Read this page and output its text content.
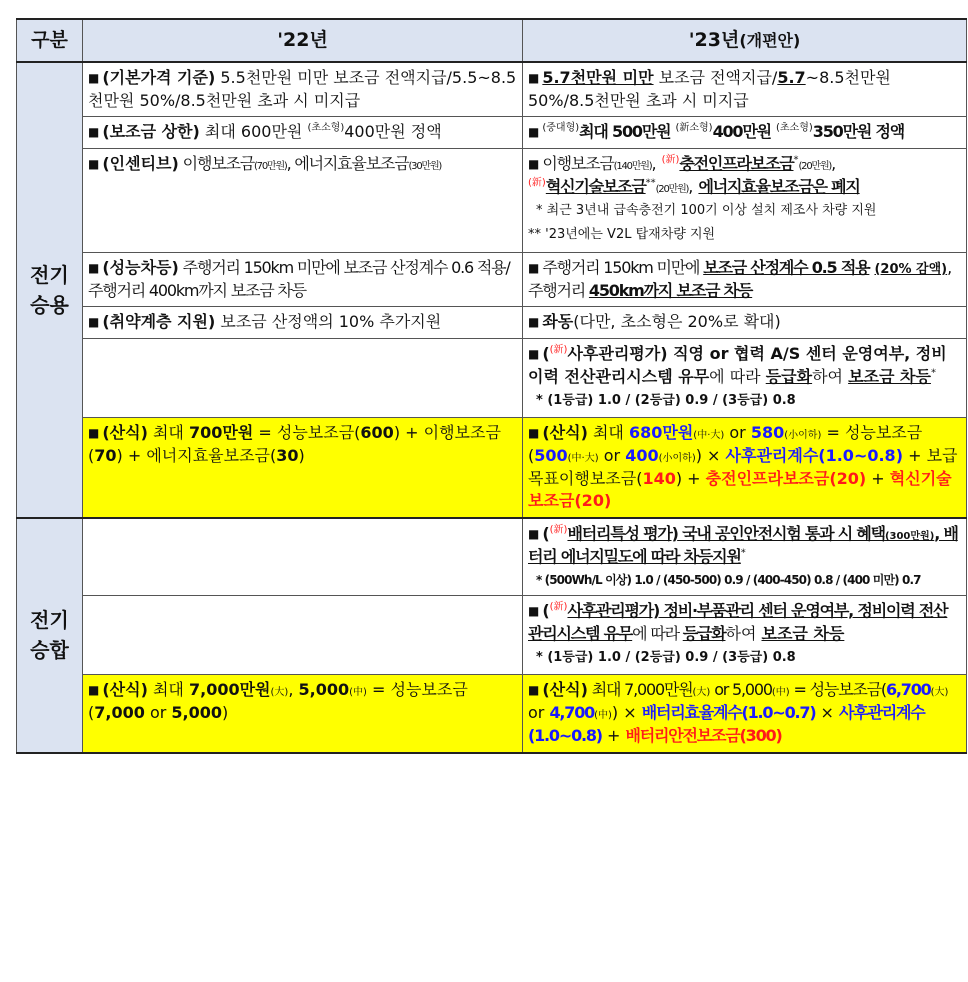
구분	'22년	'23년(개편안)
전기
승용	■ (기본가격 기준) 5.5천만원 미만 보조금 전액지급/5.5~8.5천만원 50%/8.5천만원 초과 시 미지급	■ 5.7천만원 미만 보조금 전액지급/5.7~8.5천만원 50%/8.5천만원 초과 시 미지급
	■ (보조금 상한) 최대 600만원 $^{(초소형)}$400만원 정액	■ $^{(중대형)}$최대 500만원 $^{(新소형)}$400만원 $^{(초소형)}$350만원 정액
	■ (인센티브) 이행보조금(70만원), 에너지효율보조금(30만원)	■ 이행보조금(140만원), $^{(新)}$충전인프라보조금*(20만원),
$^{(新)}$혁신기술보조금**(20만원), 에너지효율보조금은 폐지
* 최근 3년내 급속충전기 100기 이상 설치 제조사 차량 지원
** '23년에는 V2L 탑재차량 지원

	■ (성능차등) 주행거리 150km 미만에 보조금 산정계수 0.6 적용/주행거리 400km까지 보조금 차등	■ 주행거리 150km 미만에 보조금 산정계수 0.5 적용 (20% 감액), 주행거리 450km까지 보조금 차등
	■ (취약계층 지원) 보조금 산정액의 10% 추가지원	■ 좌동(다만, 초소형은 20%로 확대)
		■ ($^{(新)}$사후관리평가) 직영 or 협력 A/S 센터 운영여부, 정비이력 전산관리시스템 유무에 따라 등급화하여 보조금 차등*
* (1등급) 1.0 / (2등급) 0.9 / (3등급) 0.8

	■ (산식) 최대 700만원 = 성능보조금(600) + 이행보조금(70) + 에너지효율보조금(30)	■ (산식) 최대 680만원(中·大) or 580(小이하) = 성능보조금(500(中·大) or 400(小이하)) × 사후관리계수(1.0~0.8) + 보급목표이행보조금(140) + 충전인프라보조금(20) + 혁신기술보조금(20)
전기
승합		■ ($^{(新)}$배터리특성 평가) 국내 공인안전시험 통과 시 혜택(300만원), 배터리 에너지밀도에 따라 차등지원*
* (500Wh/L 이상) 1.0 / (450-500) 0.9 / (400-450) 0.8 / (400 미만) 0.7

		■ ($^{(新)}$사후관리평가) 정비·부품관리 센터 운영여부, 정비이력 전산관리시스템 유무에 따라 등급화하여 보조금 차등
* (1등급) 1.0 / (2등급) 0.9 / (3등급) 0.8

	■ (산식) 최대 7,000만원(大), 5,000(中) = 성능보조금(7,000 or 5,000)	■ (산식) 최대 7,000만원(大) or 5,000(中) = 성능보조금(6,700(大) or 4,700(中)) × 배터리효율계수(1.0~0.7) × 사후관리계수(1.0~0.8) + 배터리안전보조금(300)
